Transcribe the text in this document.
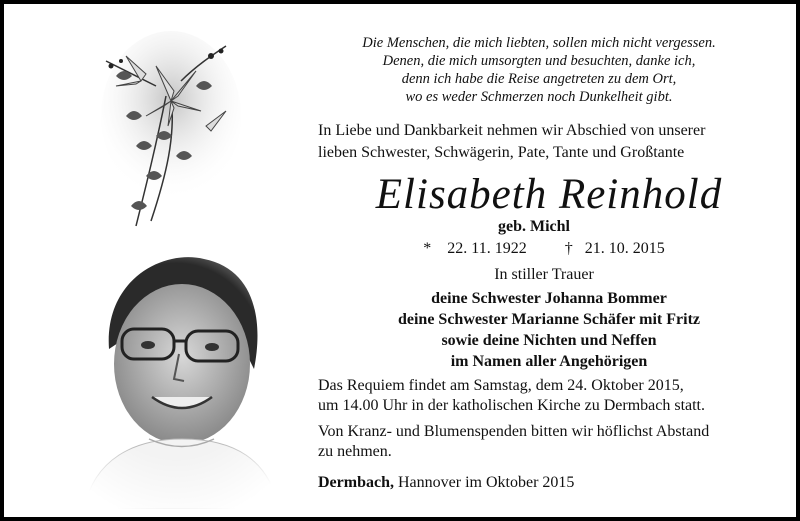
Die Menschen, die mich liebten, sollen mich nicht vergessen.
Denen, die mich umsorgten und besuchten, danke ich,
denn ich habe die Reise angetreten zu dem Ort,
wo es weder Schmerzen noch Dunkelheit gibt.
In Liebe und Dankbarkeit nehmen wir Abschied von unserer
lieben Schwester, Schwägerin, Pate, Tante und Großtante
Elisabeth Reinhold
geb. Michl
* 22. 11. 1922 † 21. 10. 2015
In stiller Trauer
deine Schwester Johanna Bommer
deine Schwester Marianne Schäfer mit Fritz
sowie deine Nichten und Neffen
im Namen aller Angehörigen
Das Requiem findet am Samstag, dem 24. Oktober 2015,
um 14.00 Uhr in der katholischen Kirche zu Dermbach statt.
Von Kranz- und Blumenspenden bitten wir höflichst Abstand
zu nehmen.
Dermbach, Hannover im Oktober 2015
